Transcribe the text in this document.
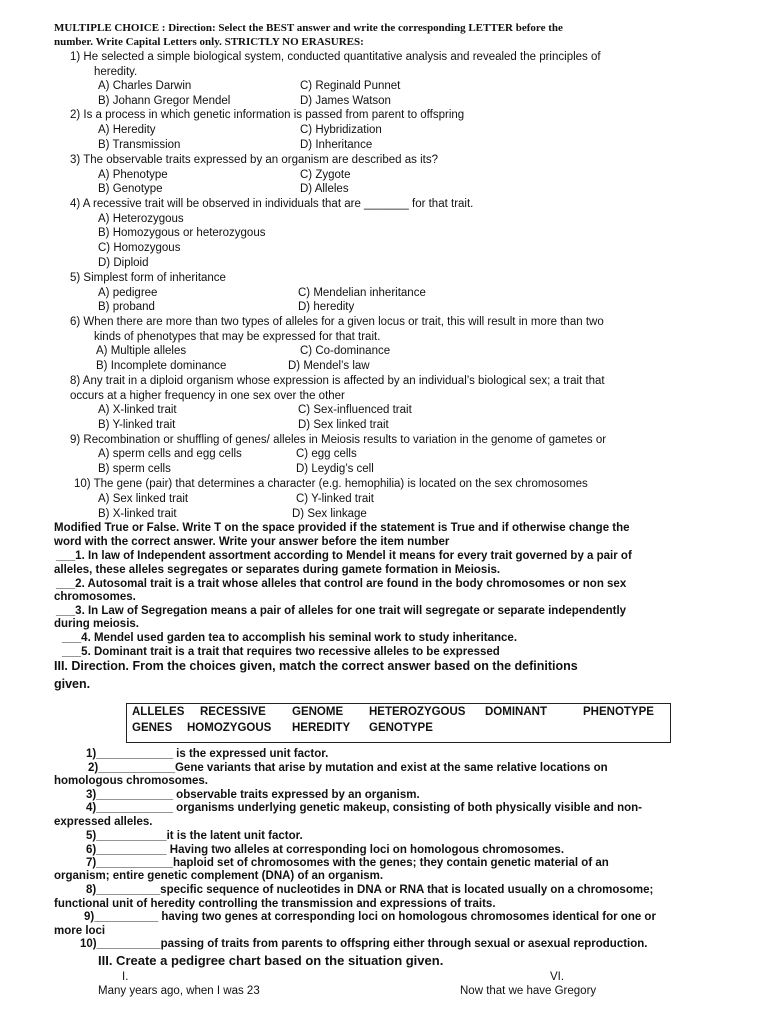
MULTIPLE CHOICE : Direction: Select the BEST answer and write the corresponding LETTER before the
number. Write Capital Letters only. STRICTLY NO ERASURES:
1) He selected a simple biological system, conducted quantitative analysis and revealed the principles of
heredity.
A) Charles Darwin	C) Reginald Punnet
B) Johann Gregor Mendel	D) James Watson
2) Is a process in which genetic information is passed from parent to offspring
A) Heredity	C) Hybridization
B) Transmission	D) Inheritance
3) The observable traits expressed by an organism are described as its?
A) Phenotype	C) Zygote
B) Genotype	D) Alleles
4) A recessive trait will be observed in individuals that are _______ for that trait.
A) Heterozygous
B) Homozygous or heterozygous
C) Homozygous
D) Diploid
5) Simplest form of inheritance
A) pedigree	C) Mendelian inheritance
B) proband	D) heredity
6) When there are more than two types of alleles for a given locus or trait, this will result in more than two
kinds of phenotypes that may be expressed for that trait.
A) Multiple alleles	C) Co-dominance
B) Incomplete dominance	D) Mendel’s law
8) Any trait in a diploid organism whose expression is affected by an individual’s biological sex; a trait that
occurs at a higher frequency in one sex over the other
A) X-linked trait	C) Sex-influenced trait
B) Y-linked trait	D) Sex linked trait
9) Recombination or shuffling of genes/ alleles in Meiosis results to variation in the genome of gametes or
A) sperm cells and egg cells	C) egg cells
B) sperm cells	D) Leydig’s cell
10) The gene (pair) that determines a character (e.g. hemophilia) is located on the sex chromosomes
A) Sex linked trait	C) Y-linked trait
B) X-linked trait	D) Sex linkage
Modified True or False. Write T on the space provided if the statement is True and if otherwise change the
word with the correct answer. Write your answer before the item number
___1. In law of Independent assortment according to Mendel it means for every trait governed by a pair of
alleles, these alleles segregates or separates during gamete formation in Meiosis.
___2. Autosomal trait is a trait whose alleles that control are found in the body chromosomes or non sex
chromosomes.
___3. In Law of Segregation means a pair of alleles for one trait will segregate or separate independently
during meiosis.
___4. Mendel used garden tea to accomplish his seminal work to study inheritance.
___5. Dominant trait is a trait that requires two recessive alleles to be expressed
III. Direction. From the choices given, match the correct answer based on the definitions
given.
ALLELES RECESSIVE GENOME HETEROZYGOUS DOMINANT	PHENOTYPE
GENES HOMOZYGOUS HEREDITY GENOTYPE
1)____________ is the expressed unit factor.
2)____________Gene variants that arise by mutation and exist at the same relative locations on
homologous chromosomes.
3)____________ observable traits expressed by an organism.
4)____________ organisms underlying genetic makeup, consisting of both physically visible and non-
expressed alleles.
5)___________it is the latent unit factor.
6)___________ Having two alleles at corresponding loci on homologous chromosomes.
7)____________haploid set of chromosomes with the genes; they contain genetic material of an
organism; entire genetic complement (DNA) of an organism.
8)__________specific sequence of nucleotides in DNA or RNA that is located usually on a chromosome;
functional unit of heredity controlling the transmission and expressions of traits.
9)__________ having two genes at corresponding loci on homologous chromosomes identical for one or
more loci
10)__________passing of traits from parents to offspring either through sexual or asexual reproduction.
III. Create a pedigree chart based on the situation given.
I.	VI.
Many years ago, when I was 23	Now that we have Gregory
